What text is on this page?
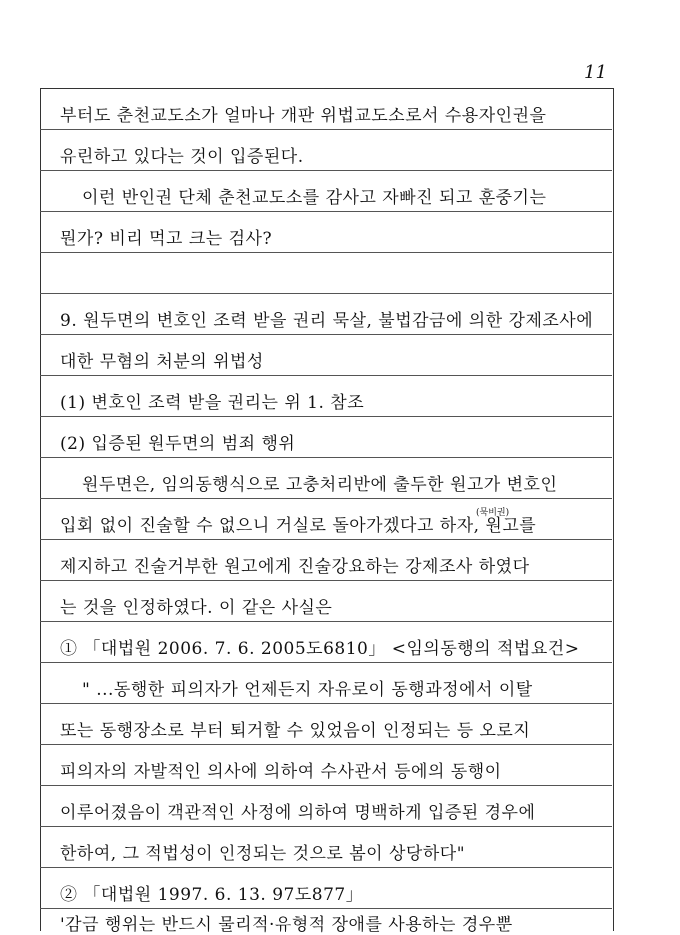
11
부터도 춘천교도소가 얼마나 개판 위법교도소로서 수용자인권을
유린하고 있다는 것이 입증된다.
이런 반인권 단체 춘천교도소를 감사고 자빠진 되고 훈중기는
뭔가? 비리 먹고 크는 검사?
9. 원두면의 변호인 조력 받을 권리 묵살, 불법감금에 의한 강제조사에
대한 무혐의 처분의 위법성
(1) 변호인 조력 받을 권리는 위 1. 참조
(2) 입증된 원두면의 범죄 행위
원두면은, 임의동행식으로 고충처리반에 출두한 원고가 변호인
입회 없이 진술할 수 없으니 거실로 돌아가겠다고 하자, 원고를
제지하고 진술거부한 원고에게 진술강요하는 강제조사 하였다
는 것을 인정하였다. 이 같은 사실은
① 「대법원 2006. 7. 6. 2005도6810」 <임의동행의 적법요건>
" ...동행한 피의자가 언제든지 자유로이 동행과정에서 이탈
또는 동행장소로 부터 퇴거할 수 있었음이 인정되는 등 오로지
피의자의 자발적인 의사에 의하여 수사관서 등에의 동행이
이루어졌음이 객관적인 사정에 의하여 명백하게 입증된 경우에
한하여, 그 적법성이 인정되는 것으로 봄이 상당하다"
② 「대법원 1997. 6. 13. 97도877」
'감금 행위는 반드시 물리적·유형적 장애를 사용하는 경우뿐
(묵비권)
